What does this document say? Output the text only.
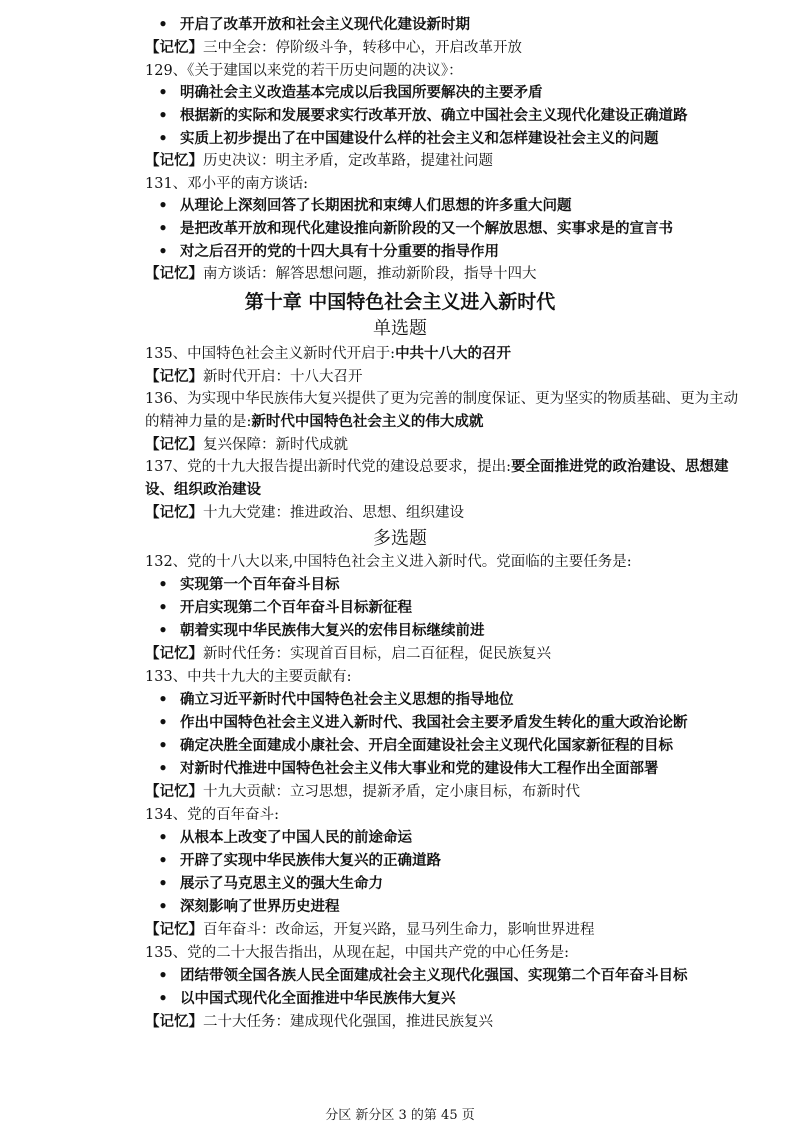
• 开启了改革开放和社会主义现代化建设新时期
【记忆】三中全会：停阶级斗争，转移中心，开启改革开放
129、《关于建国以来党的若干历史问题的决议》：
• 明确社会主义改造基本完成以后我国所要解决的主要矛盾
• 根据新的实际和发展要求实行改革开放、确立中国社会主义现代化建设正确道路
• 实质上初步提出了在中国建设什么样的社会主义和怎样建设社会主义的问题
【记忆】历史决议：明主矛盾，定改革路，提建社问题
131、邓小平的南方谈话:
• 从理论上深刻回答了长期困扰和束缚人们思想的许多重大问题
• 是把改革开放和现代化建设推向新阶段的又一个解放思想、实事求是的宣言书
• 对之后召开的党的十四大具有十分重要的指导作用
【记忆】南方谈话：解答思想问题，推动新阶段，指导十四大
第十章 中国特色社会主义进入新时代
单选题
135、中国特色社会主义新时代开启于:中共十八大的召开
【记忆】新时代开启：十八大召开
136、为实现中华民族伟大复兴提供了更为完善的制度保证、更为坚实的物质基础、更为主动
的精神力量的是:新时代中国特色社会主义的伟大成就
【记忆】复兴保障：新时代成就
137、党的十九大报告提出新时代党的建设总要求，提出:要全面推进党的政治建设、思想建
设、组织政治建设
【记忆】十九大党建：推进政治、思想、组织建设
多选题
132、党的十八大以来,中国特色社会主义进入新时代。党面临的主要任务是:
• 实现第一个百年奋斗目标
• 开启实现第二个百年奋斗目标新征程
• 朝着实现中华民族伟大复兴的宏伟目标继续前进
【记忆】新时代任务：实现首百目标，启二百征程，促民族复兴
133、中共十九大的主要贡献有:
• 确立习近平新时代中国特色社会主义思想的指导地位
• 作出中国特色社会主义进入新时代、我国社会主要矛盾发生转化的重大政治论断
• 确定决胜全面建成小康社会、开启全面建设社会主义现代化国家新征程的目标
• 对新时代推进中国特色社会主义伟大事业和党的建设伟大工程作出全面部署
【记忆】十九大贡献：立习思想，提新矛盾，定小康目标，布新时代
134、党的百年奋斗:
• 从根本上改变了中国人民的前途命运
• 开辟了实现中华民族伟大复兴的正确道路
• 展示了马克思主义的强大生命力
• 深刻影响了世界历史进程
【记忆】百年奋斗：改命运，开复兴路，显马列生命力，影响世界进程
135、党的二十大报告指出，从现在起，中国共产党的中心任务是:
• 团结带领全国各族人民全面建成社会主义现代化强国、实现第二个百年奋斗目标
• 以中国式现代化全面推进中华民族伟大复兴
【记忆】二十大任务：建成现代化强国，推进民族复兴
分区 新分区 3 的第 45 页
